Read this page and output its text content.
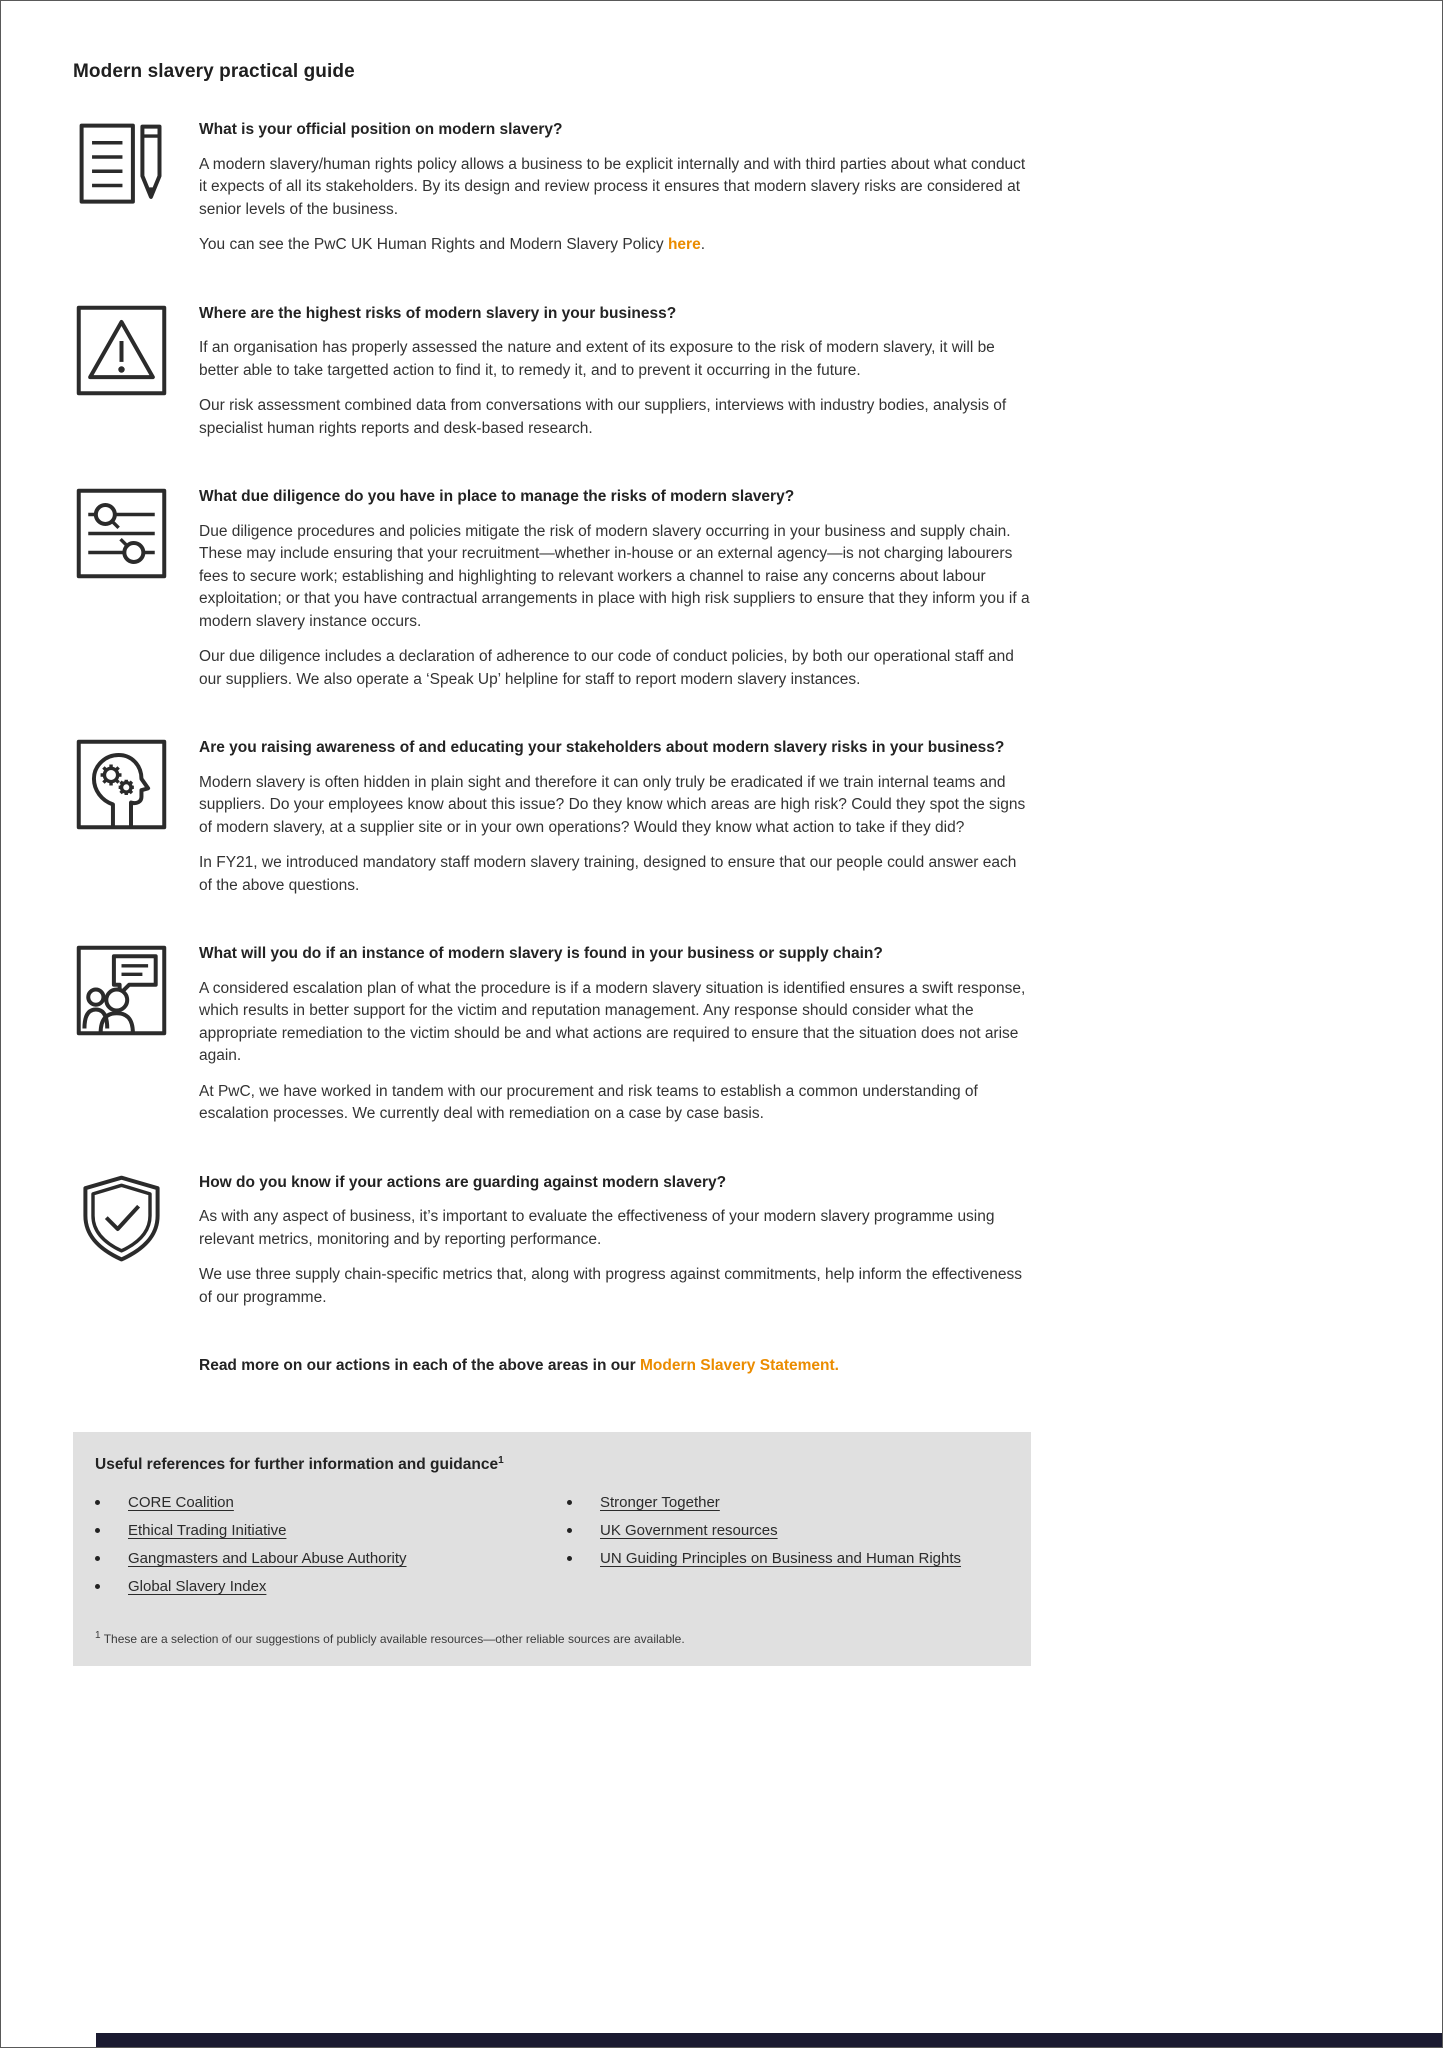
Modern slavery practical guide
What is your official position on modern slavery?

A modern slavery/human rights policy allows a business to be explicit internally and with third parties about what conduct it expects of all its stakeholders. By its design and review process it ensures that modern slavery risks are considered at senior levels of the business.

You can see the PwC UK Human Rights and Modern Slavery Policy here.

Where are the highest risks of modern slavery in your business?

If an organisation has properly assessed the nature and extent of its exposure to the risk of modern slavery, it will be better able to take targetted action to find it, to remedy it, and to prevent it occurring in the future.

Our risk assessment combined data from conversations with our suppliers, interviews with industry bodies, analysis of specialist human rights reports and desk-based research.

What due diligence do you have in place to manage the risks of modern slavery?

Due diligence procedures and policies mitigate the risk of modern slavery occurring in your business and supply chain. These may include ensuring that your recruitment—whether in-house or an external agency—is not charging labourers fees to secure work; establishing and highlighting to relevant workers a channel to raise any concerns about labour exploitation; or that you have contractual arrangements in place with high risk suppliers to ensure that they inform you if a modern slavery instance occurs.

Our due diligence includes a declaration of adherence to our code of conduct policies, by both our operational staff and our suppliers. We also operate a ‘Speak Up’ helpline for staff to report modern slavery instances.

Are you raising awareness of and educating your stakeholders about modern slavery risks in your business?

Modern slavery is often hidden in plain sight and therefore it can only truly be eradicated if we train internal teams and suppliers. Do your employees know about this issue? Do they know which areas are high risk? Could they spot the signs of modern slavery, at a supplier site or in your own operations? Would they know what action to take if they did?

In FY21, we introduced mandatory staff modern slavery training, designed to ensure that our people could answer each of the above questions.

What will you do if an instance of modern slavery is found in your business or supply chain?

A considered escalation plan of what the procedure is if a modern slavery situation is identified ensures a swift response, which results in better support for the victim and reputation management. Any response should consider what the appropriate remediation to the victim should be and what actions are required to ensure that the situation does not arise again.

At PwC, we have worked in tandem with our procurement and risk teams to establish a common understanding of escalation processes. We currently deal with remediation on a case by case basis.

How do you know if your actions are guarding against modern slavery?

As with any aspect of business, it’s important to evaluate the effectiveness of your modern slavery programme using relevant metrics, monitoring and by reporting performance.

We use three supply chain-specific metrics that, along with progress against commitments, help inform the effectiveness of our programme.

Read more on our actions in each of the above areas in our Modern Slavery Statement.

Useful references for further information and guidance$^1$
CORE Coalition
Ethical Trading Initiative
Gangmasters and Labour Abuse Authority
Global Slavery Index
Stronger Together
UK Government resources
UN Guiding Principles on Business and Human Rights
$^1$ These are a selection of our suggestions of publicly available resources—other reliable sources are available.
